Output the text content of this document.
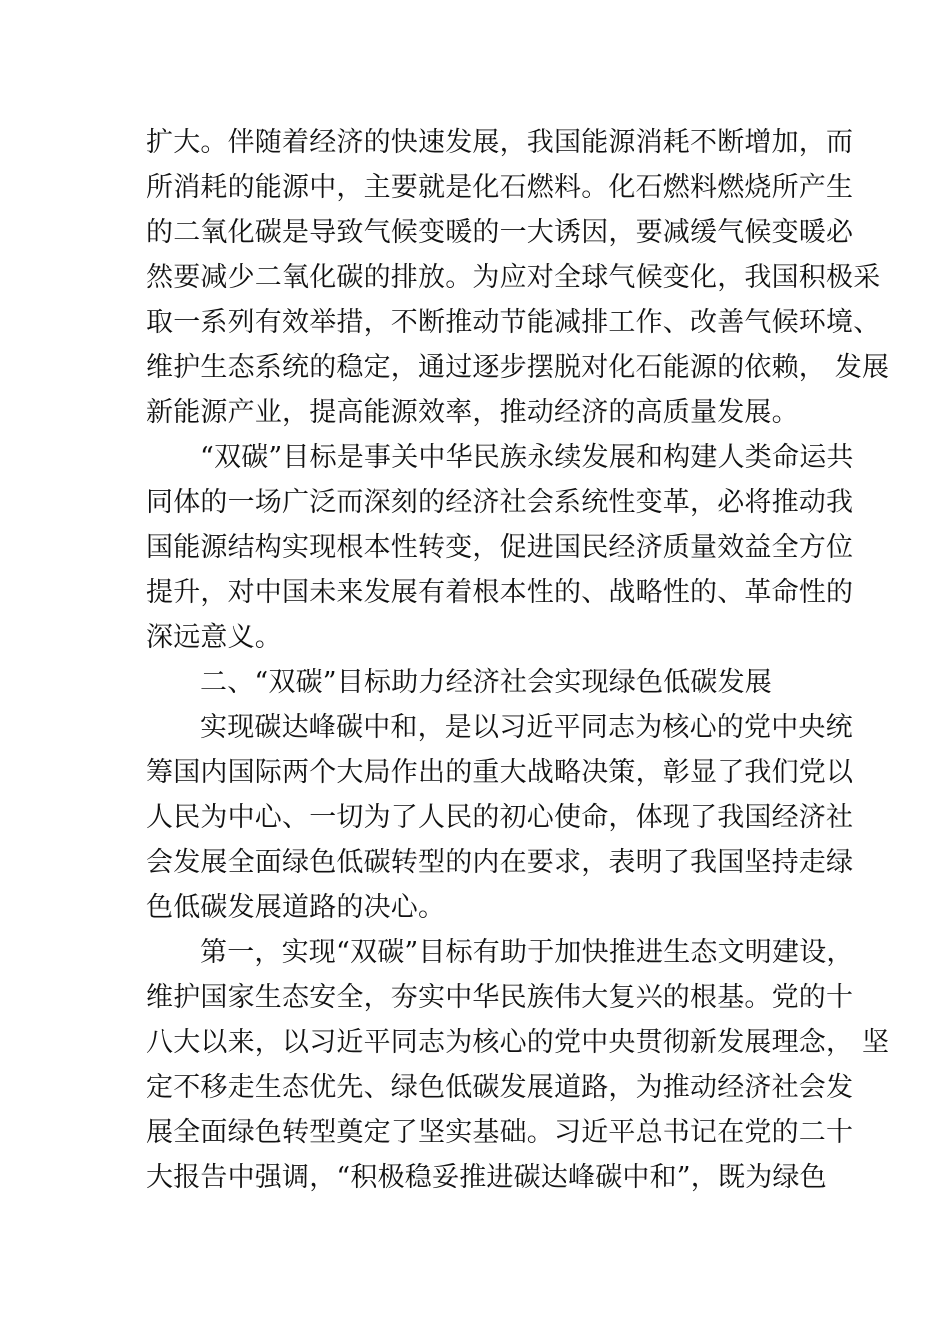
扩大。伴随着经济的快速发展，我国能源消耗不断增加，而
所消耗的能源中，主要就是化石燃料。化石燃料燃烧所产生
的二氧化碳是导致气候变暖的一大诱因，要减缓气候变暖必
然要减少二氧化碳的排放。为应对全球气候变化，我国积极采
取一系列有效举措，不断推动节能减排工作、改善气候环境、
维护生态系统的稳定，通过逐步摆脱对化石能源的依赖， 发展
新能源产业，提高能源效率，推动经济的高质量发展。
“双碳”目标是事关中华民族永续发展和构建人类命运共
同体的一场广泛而深刻的经济社会系统性变革，必将推动我
国能源结构实现根本性转变，促进国民经济质量效益全方位
提升，对中国未来发展有着根本性的、战略性的、革命性的
深远意义。
二、“双碳”目标助力经济社会实现绿色低碳发展
实现碳达峰碳中和，是以习近平同志为核心的党中央统
筹国内国际两个大局作出的重大战略决策，彰显了我们党以
人民为中心、一切为了人民的初心使命，体现了我国经济社
会发展全面绿色低碳转型的内在要求，表明了我国坚持走绿
色低碳发展道路的决心。
第一，实现“双碳”目标有助于加快推进生态文明建设，
维护国家生态安全，夯实中华民族伟大复兴的根基。党的十
八大以来，以习近平同志为核心的党中央贯彻新发展理念， 坚
定不移走生态优先、绿色低碳发展道路，为推动经济社会发
展全面绿色转型奠定了坚实基础。习近平总书记在党的二十
大报告中强调，“积极稳妥推进碳达峰碳中和”，既为绿色
